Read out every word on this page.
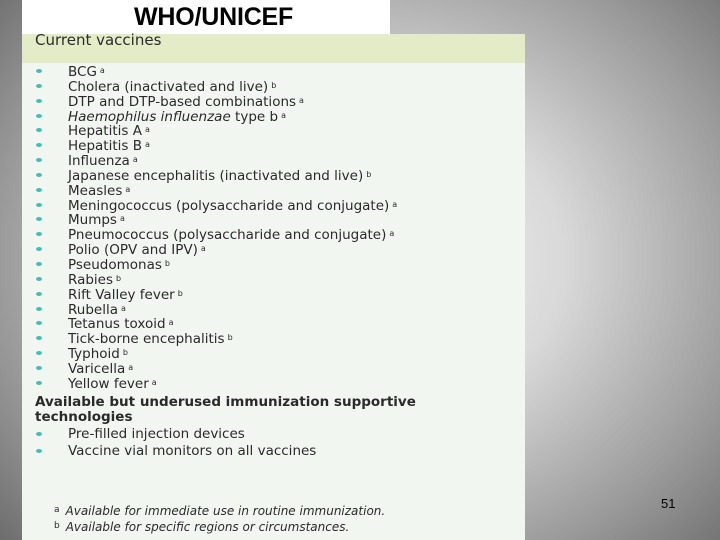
WHO/UNICEF
Current vaccines
BCG $^a$
Cholera (inactivated and live) $^b$
DTP and DTP-based combinations $^a$
Haemophilus influenzae type b $^a$
Hepatitis A $^a$
Hepatitis B $^a$
Influenza $^a$
Japanese encephalitis (inactivated and live) $^b$
Measles $^a$
Meningococcus (polysaccharide and conjugate) $^a$
Mumps $^a$
Pneumococcus (polysaccharide and conjugate) $^a$
Polio (OPV and IPV) $^a$
Pseudomonas $^b$
Rabies $^b$
Rift Valley fever $^b$
Rubella $^a$
Tetanus toxoid $^a$
Tick-borne encephalitis $^b$
Typhoid $^b$
Varicella $^a$
Yellow fever $^a$

Available but underused immunization supportive technologies

Pre-filled injection devices
Vaccine vial monitors on all vaccines
$^a$ Available for immediate use in routine immunization.
$^b$ Available for specific regions or circumstances.
51
